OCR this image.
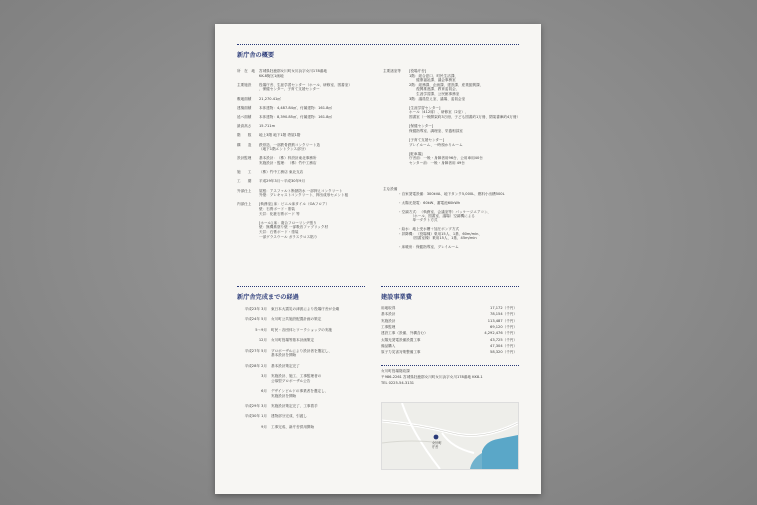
新庁舎の概要
主要諸室等 [役場庁舎]
1階：総合窓口、町民生活課、
　　健康福祉課、議会事務室
2階：総務課、企画課、建設課、産業振興課、
　　復興推進課、教育委員会、
　　生涯学習課、公民館事務室
3階：議員控え室、議場、委員会室

[生涯学習センター]
ホール（412席）、研修室（2室）、
図書室（一般開架約3万冊、子ども図書約1万冊、閉架書庫約4万冊）

[保健センター]
保健指導室、調理室、栄養相談室

[子育て支援センター]
プレイルーム、一時預かりルーム

[駐車場]
庁舎前：一般・身障者用96台、公用車用40台
センター前：一般・身障者用 49台
主な設備
・自家発電設備：300kVA、地下タンク5,000L、燃料小出槽500L

・太陽光発電：60kW、蓄電池60kWh

・空調方式：（執務室、会議室等）パッケージエアコン、
　　　　（ホール、図書室、議場）空調機による
　　　　単一ダクト方式

・給水：地上受水槽＋加圧ポンプ方式
・昇降機：（役場棟）乗用15人、1基、60m/min、
　　　　（図書室棟）乗用15人、1基、45m/min

・床暖房：保健指導室、プレイルーム
新庁舎完成までの経過	建設事業費
女川町役場財政課
〒986-2261 宮城県牡鹿郡女川町女川浜字女川178番地 KK8-1
TEL 0225-54-3131
女川町
庁舎
所　在　地 宮城県牡鹿郡女川町女川浜字女川178番地
KK-8街区1画地
主要施設 役場庁舎、生涯学習センター（ホール、研修室、図書室）
、保健センター、子育て支援センター
敷地面積 21,270.41㎡
建築面積 本体建物：4,487.84㎡、付属建物：161.8㎡
延べ面積 本体建物：8,390.85㎡、付属建物：161.8㎡
最高高さ 15.711m
階　　数 地上3階 地下1階 塔屋1階
構　　造 鉄骨造、一部鉄骨鉄筋コンクリート造
（地下1階エントランス部分）
設計監理 基本設計：（株）梓設計東北事務所
実施設計・監理：（株）竹中工務店
施　　工 （株）竹中工務店 東北支店
工　　期 平成29年3月〜平成30年9月
外部仕上 屋根：アスファルト断熱防水 一部押えコンクリート
外壁：プレキャストコンクリート、押出成形セメント板
内部仕上 [執務室] 床：ビニル床タイル（OAフロア）
壁：石膏ボード・塗装
天井：化粧石膏ボード 等
[ホール] 床：複合フローリング張り
壁：無機系塗り壁 一部吸音ファブリック材
天井：石膏ボード・塗装
一部グラスウール ガラスクロス貼り
平成23年 3月 東日本大震災の津波により役場庁舎が全壊
平成24年 5月 女川町公共施設配置計画の策定
5〜9月 町民・各団体とワークショップの実施
12月 女川町役場等基本計画策定
平成27年 5月 プロポーザルにより設計者を選定し、
基本設計を開始
平成28年 2月 基本設計策定完了
3月 実施設計、施工、工事監理者の
公募型プロポーザル公告
6月 デザインビルドの事業者を選定し、
実施設計を開始
平成29年 3月 実施設計策定完了、工事着手
平成30年 1月 建物部分完成、引渡し
9月 工事完成、新庁舎供用開始
用地取得	17,172（千円）
基本設計	78,154（千円）
実施設計	113,487（千円）
工事監理	69,120（千円）
建設工事（設備、外構含む）	4,292,476（千円）
太陽光発電設備設置工事	43,725（千円）
備品購入	47,304（千円）
原子力災害対策整備工事	58,320（千円）
